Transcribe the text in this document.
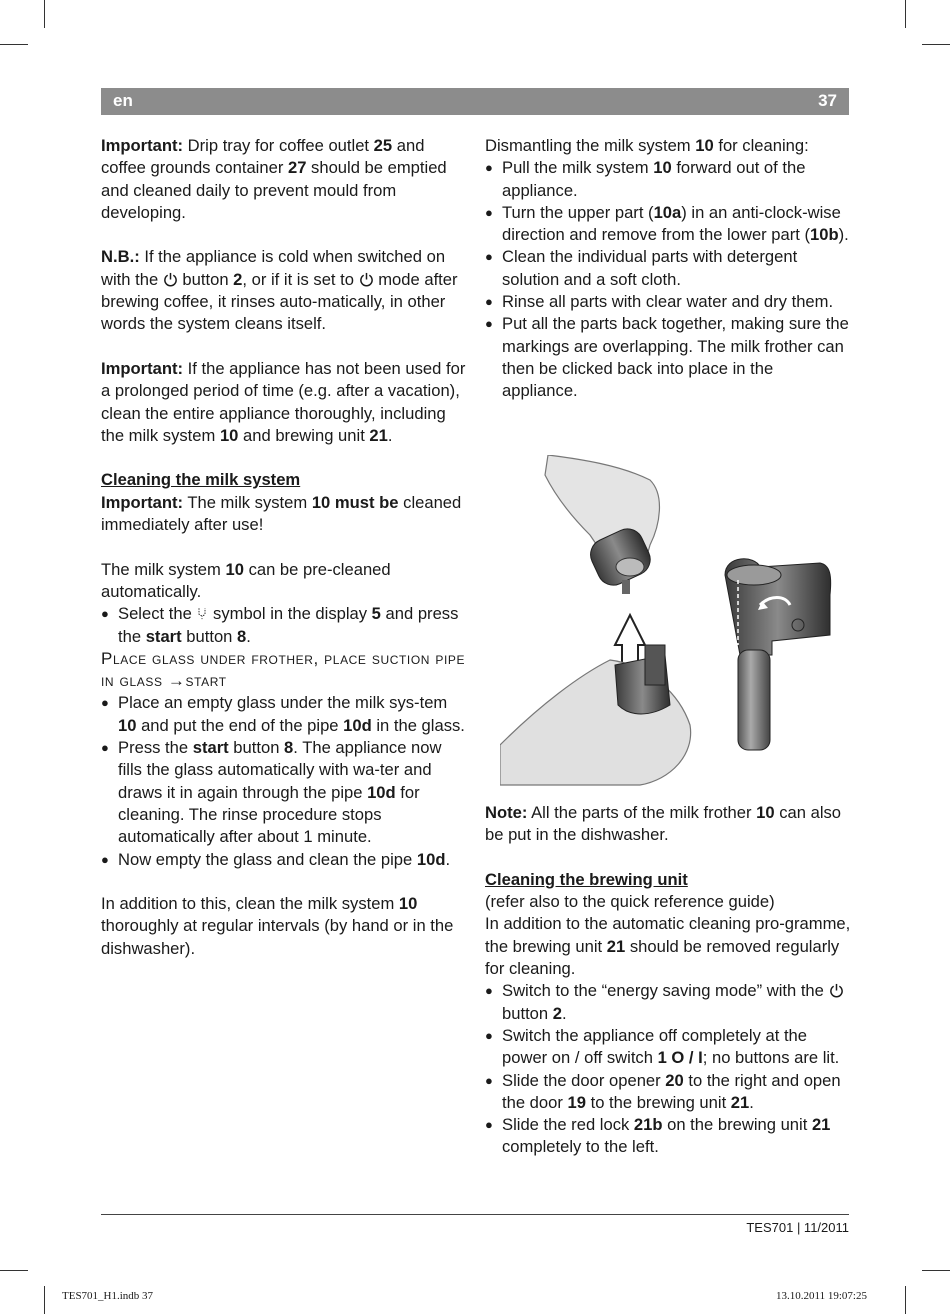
en	37

Important: Drip tray for coffee outlet 25 and coffee grounds container 27 should be emptied and cleaned daily to prevent mould from developing.

N.B.: If the appliance is cold when switched on with the  button 2, or if it is set to  mode after brewing coffee, it rinses auto-matically, in other words the system cleans itself.

Important: If the appliance has not been used for a prolonged period of time (e.g. after a vacation), clean the entire appliance thoroughly, including the milk system 10 and brewing unit 21.

Cleaning the milk system

Important: The milk system 10 must be cleaned immediately after use!

The milk system 10 can be pre-cleaned automatically.

● Select the  symbol in the display 5 and press the start button 8.

Place glass under frother, place suction pipe in glass →start

● Place an empty glass under the milk sys-tem 10 and put the end of the pipe 10d in the glass.

● Press the start button 8. The appliance now fills the glass automatically with wa-ter and draws it in again through the pipe 10d for cleaning. The rinse procedure stops automatically after about 1 minute.

● Now empty the glass and clean the pipe 10d.

In addition to this, clean the milk system 10 thoroughly at regular intervals (by hand or in the dishwasher).

Dismantling the milk system 10 for cleaning:

● Pull the milk system 10 forward out of the appliance.

● Turn the upper part (10a) in an anti-clock-wise direction and remove from the lower part (10b).

● Clean the individual parts with detergent solution and a soft cloth.

● Rinse all parts with clear water and dry them.

● Put all the parts back together, making sure the markings are overlapping. The milk frother can then be clicked back into place in the appliance.

Note: All the parts of the milk frother 10 can also be put in the dishwasher.

Cleaning the brewing unit

(refer also to the quick reference guide)

In addition to the automatic cleaning pro-gramme, the brewing unit 21 should be removed regularly for cleaning.

● Switch to the “energy saving mode” with the  button 2.

● Switch the appliance off completely at the power on / off switch 1 O / I; no buttons are lit.

● Slide the door opener 20 to the right and open the door 19 to the brewing unit 21.

● Slide the red lock 21b on the brewing unit 21 completely to the left.

TES701 | 11/2011
TES701_H1.indb 37	13.10.2011 19:07:25
